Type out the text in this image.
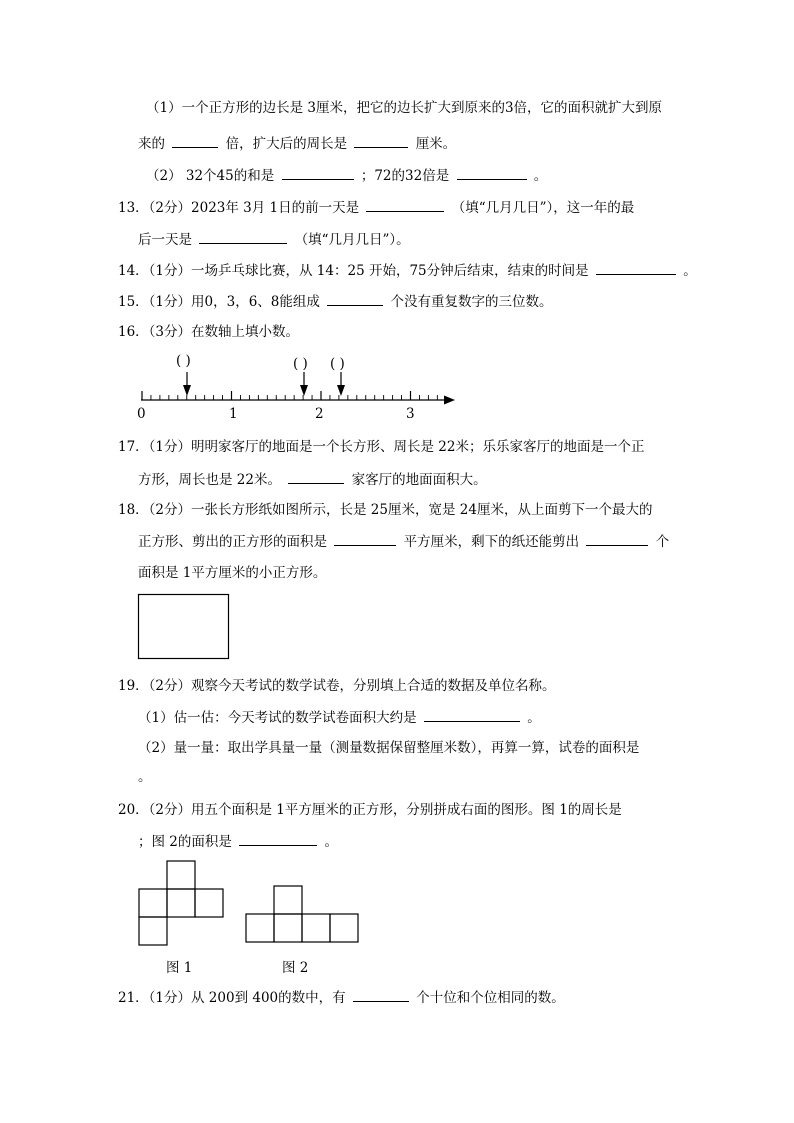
（1）一个正方形的边长是 3厘米，把它的边长扩大到原来的3倍，它的面积就扩大到原
来的	倍，扩大后的周长是	厘米。
（2） 32个45的和是	；72的32倍是	。
13．（2分）2023年 3月 1日的前一天是	（填“几月几日”），这一年的最
后一天是	（填“几月几日”）。
14．（1分）一场乒乓球比赛，从 14：25 开始，75分钟后结束，结束的时间是	。
15．（1分）用0，3，6、8能组成	个没有重复数字的三位数。
16．（3分）在数轴上填小数。
( )	( ) ( )
0	1	2	3
17．（1分）明明家客厅的地面是一个长方形、周长是 22米；乐乐家客厅的地面是一个正
方形，周长也是 22米。	家客厅的地面面积大。
18．（2分）一张长方形纸如图所示，长是 25厘米，宽是 24厘米，从上面剪下一个最大的
正方形、剪出的正方形的面积是	平方厘米，剩下的纸还能剪出	个
面积是 1平方厘米的小正方形。
19．（2分）观察今天考试的数学试卷，分别填上合适的数据及单位名称。
（1）估一估：今天考试的数学试卷面积大约是	。
（2）量一量：取出学具量一量（测量数据保留整厘米数），再算一算，试卷的面积是
。
20．（2分）用五个面积是 1平方厘米的正方形，分别拼成右面的图形。图 1的周长是
；图 2的面积是	。
图 1	图 2
21．（1分）从 200到 400的数中，有	个十位和个位相同的数。
